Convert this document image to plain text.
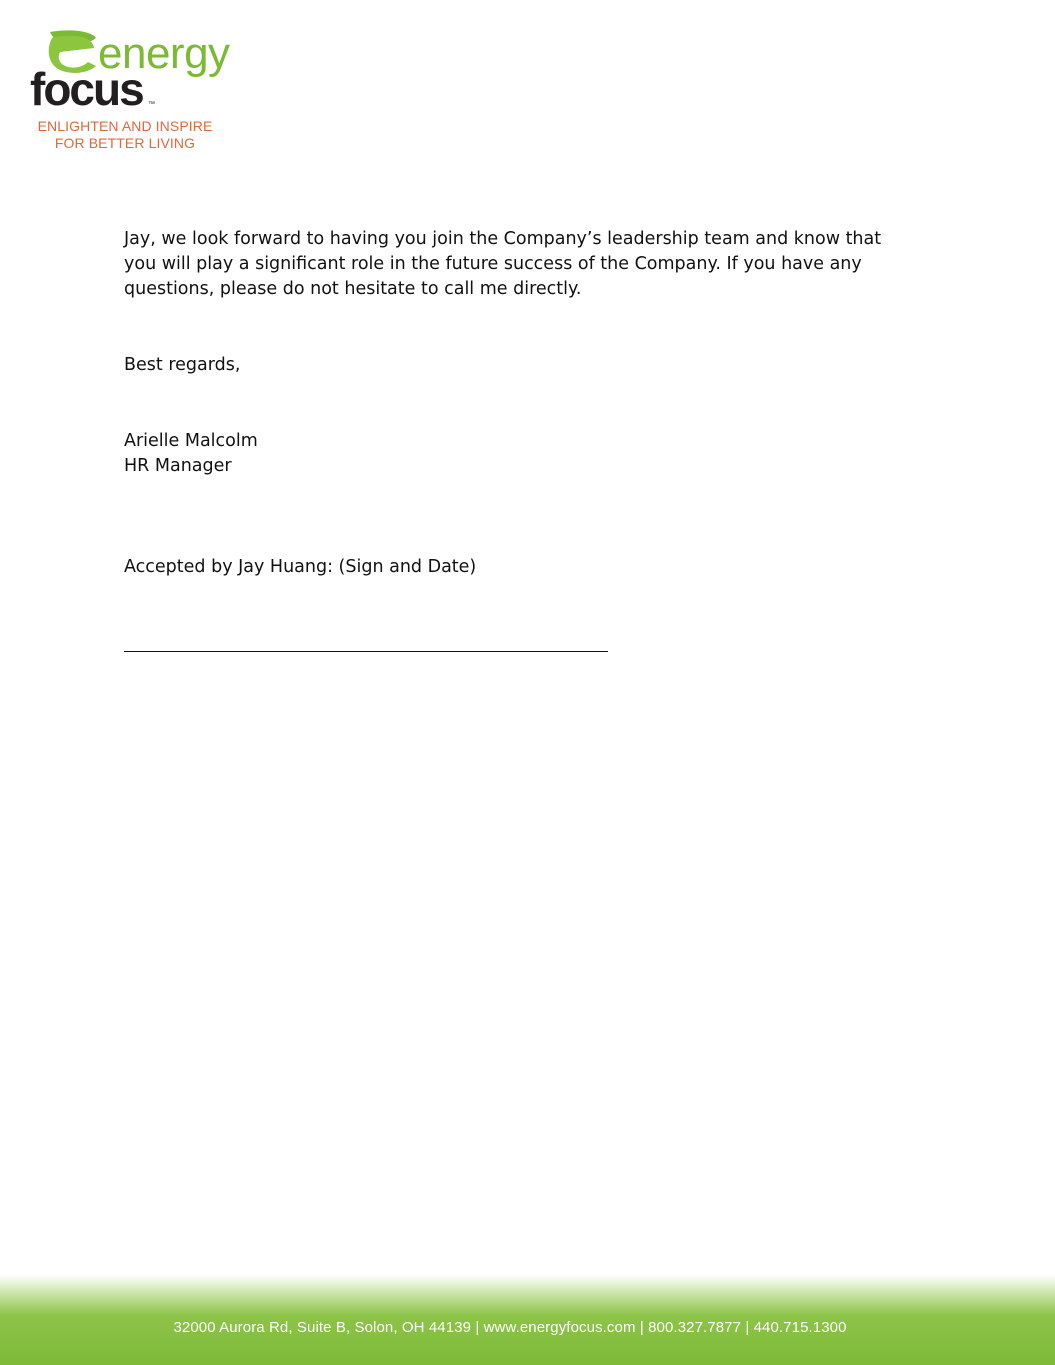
energy
focus ™
ENLIGHTEN AND INSPIRE
FOR BETTER LIVING

Jay, we look forward to having you join the Company’s leadership team and know that you will play a significant role in the future success of the Company. If you have any questions, please do not hesitate to call me directly.

Best regards,

Arielle Malcolm

HR Manager

Accepted by Jay Huang: (Sign and Date)

32000 Aurora Rd, Suite B, Solon, OH 44139 | www.energyfocus.com | 800.327.7877 | 440.715.1300
